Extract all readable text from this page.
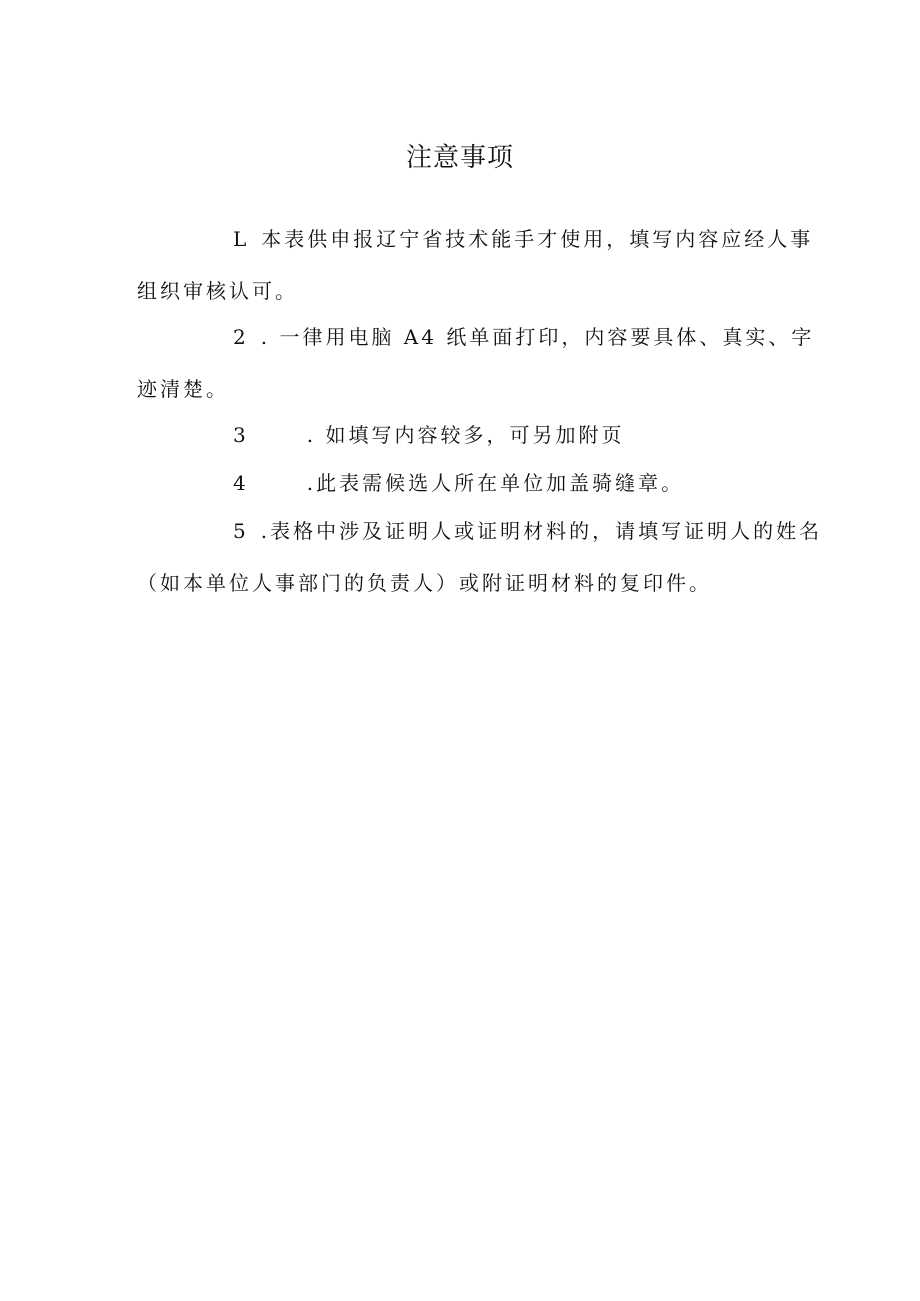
注意事项

L 本表供申报辽宁省技术能手才使用，填写内容应经人事组织审核认可。

2 . 一律用电脑 A4 纸单面打印，内容要具体、真实、字迹清楚。

3	. 如填写内容较多，可另加附页

4	.此表需候选人所在单位加盖骑缝章。

5 .表格中涉及证明人或证明材料的，请填写证明人的姓名（如本单位人事部门的负责人）或附证明材料的复印件。
